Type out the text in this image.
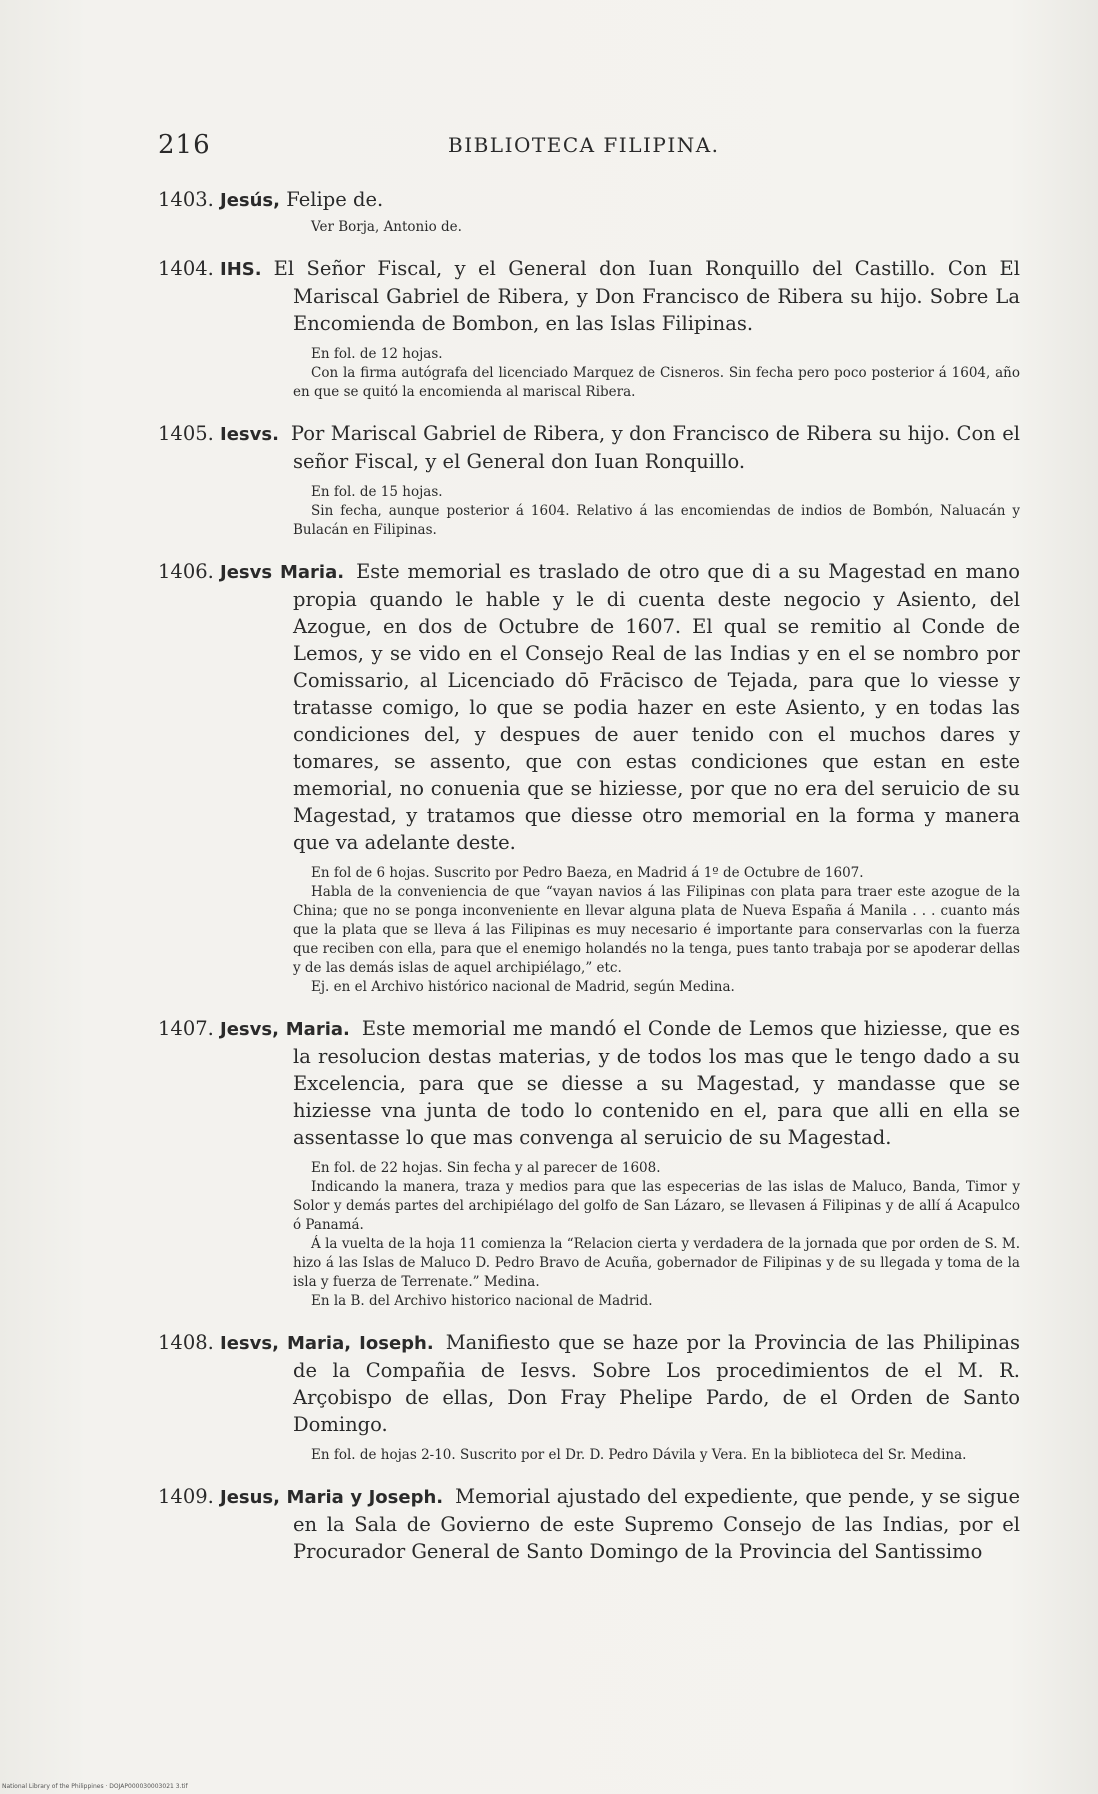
216	BIBLIOTECA FILIPINA.

1403. Jesús, Felipe de.

Ver Borja, Antonio de.

1404. IHS. El Señor Fiscal, y el General don Iuan Ronquillo del Castillo. Con El Mariscal Gabriel de Ribera, y Don Francisco de Ribera su hijo. Sobre La Encomienda de Bombon, en las Islas Filipinas.

En fol. de 12 hojas.

Con la firma autógrafa del licenciado Marquez de Cisneros. Sin fecha pero poco posterior á 1604, año en que se quitó la encomienda al mariscal Ribera.

1405. Iesvs. Por Mariscal Gabriel de Ribera, y don Francisco de Ribera su hijo. Con el señor Fiscal, y el General don Iuan Ronquillo.

En fol. de 15 hojas.

Sin fecha, aunque posterior á 1604. Relativo á las encomiendas de indios de Bombón, Naluacán y Bulacán en Filipinas.

1406. Jesvs Maria. Este memorial es traslado de otro que di a su Magestad en mano propia quando le hable y le di cuenta deste negocio y Asiento, del Azogue, en dos de Octubre de 1607. El qual se remitio al Conde de Lemos, y se vido en el Consejo Real de las Indias y en el se nombro por Comissario, al Licenciado dō Frācisco de Tejada, para que lo viesse y tratasse comigo, lo que se podia hazer en este Asiento, y en todas las condiciones del, y despues de auer tenido con el muchos dares y tomares, se assento, que con estas condiciones que estan en este memorial, no conuenia que se hiziesse, por que no era del seruicio de su Magestad, y tratamos que diesse otro memorial en la forma y manera que va adelante deste.

En fol de 6 hojas. Suscrito por Pedro Baeza, en Madrid á 1º de Octubre de 1607.

Habla de la conveniencia de que “vayan navios á las Filipinas con plata para traer este azogue de la China; que no se ponga inconveniente en llevar alguna plata de Nueva España á Manila . . . cuanto más que la plata que se lleva á las Filipinas es muy necesario é importante para conservarlas con la fuerza que reciben con ella, para que el enemigo holandés no la tenga, pues tanto trabaja por se apoderar dellas y de las demás islas de aquel archipiélago,” etc.

Ej. en el Archivo histórico nacional de Madrid, según Medina.

1407. Jesvs, Maria. Este memorial me mandó el Conde de Lemos que hiziesse, que es la resolucion destas materias, y de todos los mas que le tengo dado a su Excelencia, para que se diesse a su Magestad, y mandasse que se hiziesse vna junta de todo lo contenido en el, para que alli en ella se assentasse lo que mas convenga al seruicio de su Magestad.

En fol. de 22 hojas. Sin fecha y al parecer de 1608.

Indicando la manera, traza y medios para que las especerias de las islas de Maluco, Banda, Timor y Solor y demás partes del archipiélago del golfo de San Lázaro, se llevasen á Filipinas y de allí á Acapulco ó Panamá.

Á la vuelta de la hoja 11 comienza la “Relacion cierta y verdadera de la jornada que por orden de S. M. hizo á las Islas de Maluco D. Pedro Bravo de Acuña, gobernador de Filipinas y de su llegada y toma de la isla y fuerza de Terrenate.” Medina.

En la B. del Archivo historico nacional de Madrid.

1408. Iesvs, Maria, Ioseph. Manifiesto que se haze por la Provincia de las Philipinas de la Compañia de Iesvs. Sobre Los procedimientos de el M. R. Arçobispo de ellas, Don Fray Phelipe Pardo, de el Orden de Santo Domingo.

En fol. de hojas 2-10. Suscrito por el Dr. D. Pedro Dávila y Vera. En la biblioteca del Sr. Medina.

1409. Jesus, Maria y Joseph. Memorial ajustado del expediente, que pende, y se sigue en la Sala de Govierno de este Supremo Consejo de las Indias, por el Procurador General de Santo Domingo de la Provincia del Santissimo

National Library of the Philippines · DOJAP000030003021 3.tif
